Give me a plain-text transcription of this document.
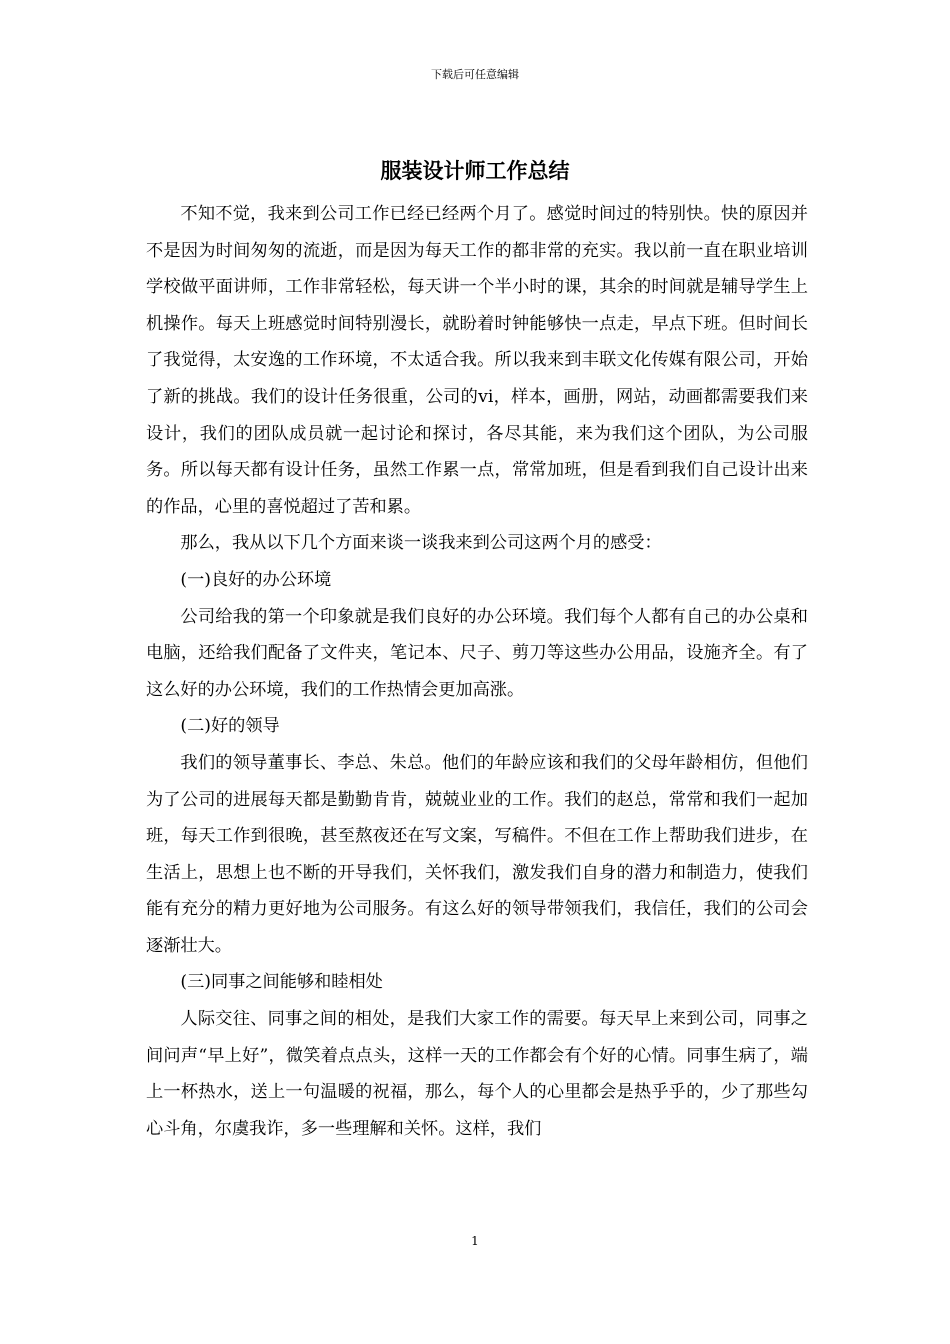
下载后可任意编辑
服装设计师工作总结

不知不觉，我来到公司工作已经已经两个月了。感觉时间过的特别快。快的原因并不是因为时间匆匆的流逝，而是因为每天工作的都非常的充实。我以前一直在职业培训学校做平面讲师，工作非常轻松，每天讲一个半小时的课，其余的时间就是辅导学生上机操作。每天上班感觉时间特别漫长，就盼着时钟能够快一点走，早点下班。但时间长了我觉得，太安逸的工作环境，不太适合我。所以我来到丰联文化传媒有限公司，开始了新的挑战。我们的设计任务很重，公司的vi，样本，画册，网站，动画都需要我们来设计，我们的团队成员就一起讨论和探讨，各尽其能，来为我们这个团队，为公司服务。所以每天都有设计任务，虽然工作累一点，常常加班，但是看到我们自己设计出来的作品，心里的喜悦超过了苦和累。

那么，我从以下几个方面来谈一谈我来到公司这两个月的感受：

(一)良好的办公环境

公司给我的第一个印象就是我们良好的办公环境。我们每个人都有自己的办公桌和电脑，还给我们配备了文件夹，笔记本、尺子、剪刀等这些办公用品，设施齐全。有了这么好的办公环境，我们的工作热情会更加高涨。

(二)好的领导

我们的领导董事长、李总、朱总。他们的年龄应该和我们的父母年龄相仿，但他们为了公司的进展每天都是勤勤肯肯，兢兢业业的工作。我们的赵总，常常和我们一起加班，每天工作到很晚，甚至熬夜还在写文案，写稿件。不但在工作上帮助我们进步，在生活上，思想上也不断的开导我们，关怀我们，激发我们自身的潜力和制造力，使我们能有充分的精力更好地为公司服务。有这么好的领导带领我们，我信任，我们的公司会逐渐壮大。

(三)同事之间能够和睦相处

人际交往、同事之间的相处，是我们大家工作的需要。每天早上来到公司，同事之间问声“早上好”，微笑着点点头，这样一天的工作都会有个好的心情。同事生病了，端上一杯热水，送上一句温暖的祝福，那么，每个人的心里都会是热乎乎的，少了那些勾心斗角，尔虞我诈，多一些理解和关怀。这样，我们

1
